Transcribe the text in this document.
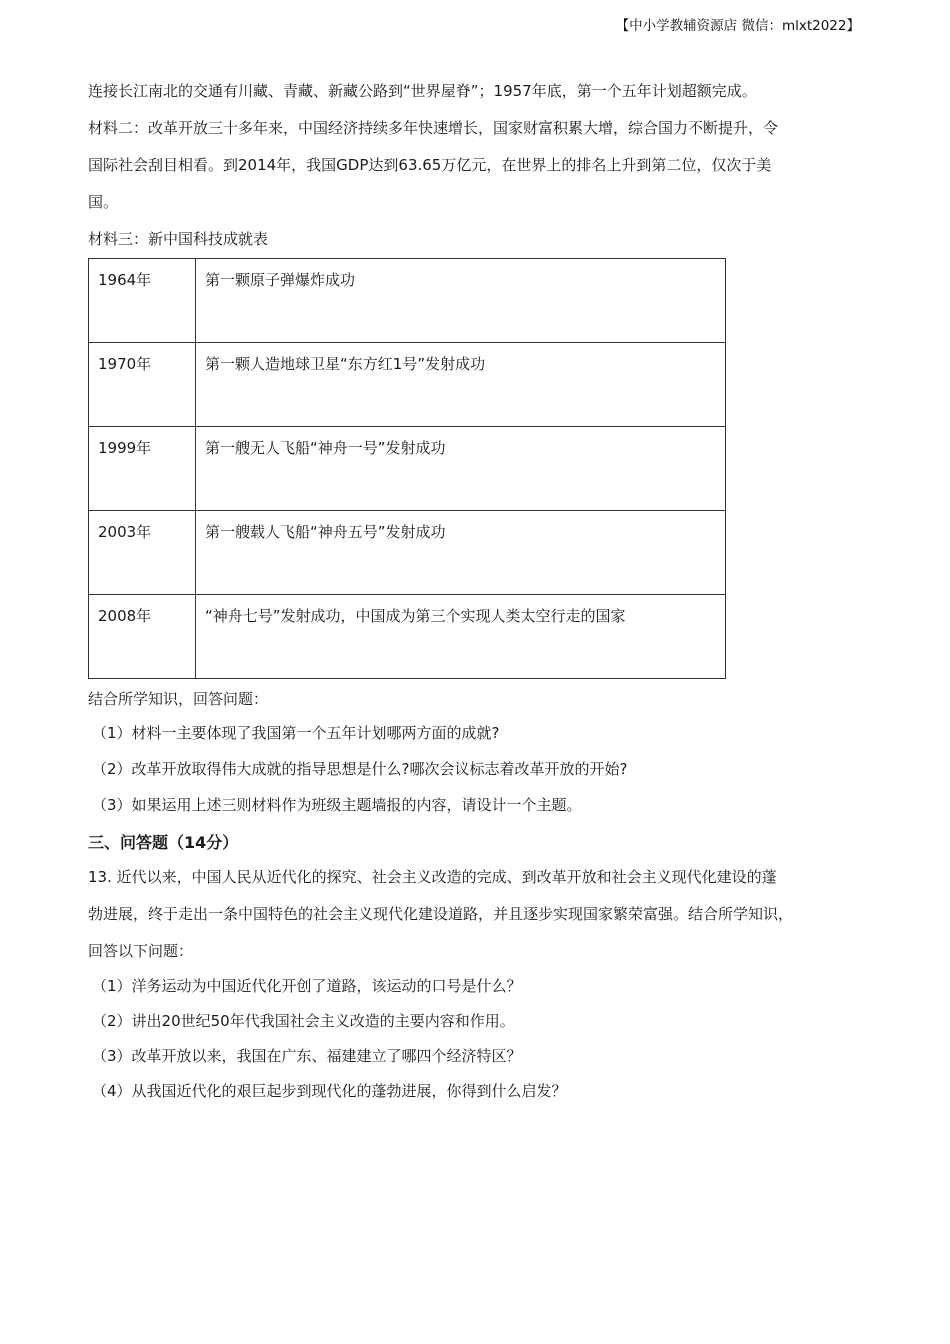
【中小学教辅资源店 微信：mlxt2022】
连接长江南北的交通有川藏、青藏、新藏公路到“世界屋脊”；1957年底，第一个五年计划超额完成。
材料二：改革开放三十多年来，中国经济持续多年快速增长，国家财富积累大增，综合国力不断提升，令
国际社会刮目相看。到2014年，我国GDP达到63.65万亿元，在世界上的排名上升到第二位，仅次于美
国。
材料三：新中国科技成就表
1964年	第一颗原子弹爆炸成功
1970年	第一颗人造地球卫星“东方红1号”发射成功
1999年	第一艘无人飞船“神舟一号”发射成功
2003年	第一艘载人飞船“神舟五号”发射成功
2008年	“神舟七号”发射成功，中国成为第三个实现人类太空行走的国家
结合所学知识，回答问题：
（1）材料一主要体现了我国第一个五年计划哪两方面的成就?
（2）改革开放取得伟大成就的指导思想是什么?哪次会议标志着改革开放的开始?
（3）如果运用上述三则材料作为班级主题墙报的内容，请设计一个主题。
三、问答题（14分）
13. 近代以来，中国人民从近代化的探究、社会主义改造的完成、到改革开放和社会主义现代化建设的蓬
勃进展，终于走出一条中国特色的社会主义现代化建设道路，并且逐步实现国家繁荣富强。结合所学知识，
回答以下问题：
（1）洋务运动为中国近代化开创了道路，该运动的口号是什么？
（2）讲出20世纪50年代我国社会主义改造的主要内容和作用。
（3）改革开放以来，我国在广东、福建建立了哪四个经济特区？
（4）从我国近代化的艰巨起步到现代化的蓬勃进展，你得到什么启发？
